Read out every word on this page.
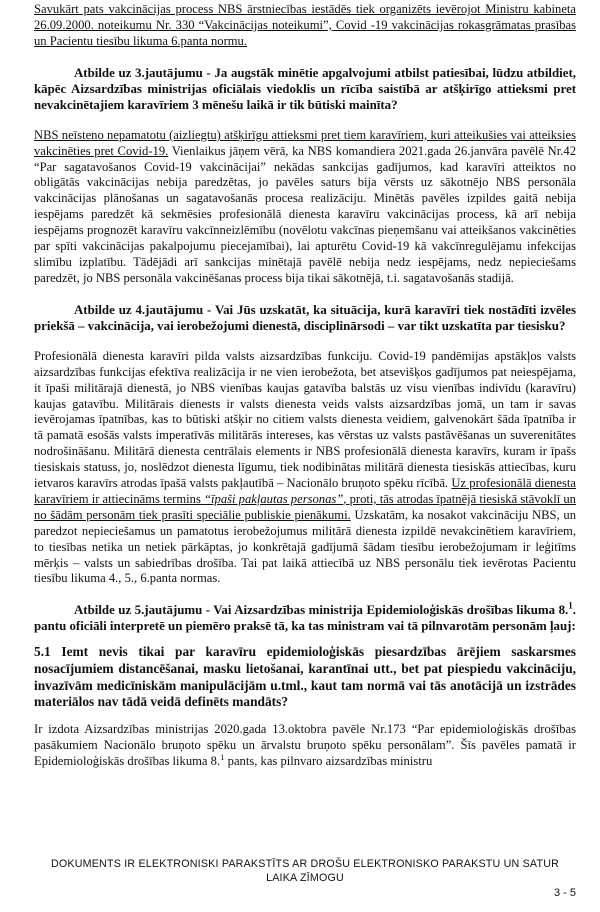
Savukārt pats vakcinācijas process NBS ārstniecības iestādēs tiek organizēts ievērojot Ministru kabineta 26.09.2000. noteikumu Nr. 330 “Vakcinācijas noteikumi”, Covid -19 vakcinācijas rokasgrāmatas prasības un Pacientu tiesību likuma 6.panta normu.

Atbilde uz 3.jautājumu - Ja augstāk minētie apgalvojumi atbilst patiesībai, lūdzu atbildiet, kāpēc Aizsardzības ministrijas oficiālais viedoklis un rīcība saistībā ar atšķirīgo attieksmi pret nevakcinētajiem karavīriem 3 mēnešu laikā ir tik būtiski mainīta?

NBS neīsteno nepamatotu (aizliegtu) atšķirīgu attieksmi pret tiem karavīriem, kuri atteikušies vai atteiksies vakcinēties pret Covid-19. Vienlaikus jāņem vērā, ka NBS komandiera 2021.gada 26.janvāra pavēlē Nr.42 “Par sagatavošanos Covid-19 vakcinācijai” nekādas sankcijas gadījumos, kad karavīri atteiktos no obligātās vakcinācijas nebija paredzētas, jo pavēles saturs bija vērsts uz sākotnējo NBS personāla vakcinācijas plānošanas un sagatavošanās procesa realizāciju. Minētās pavēles izpildes gaitā nebija iespējams paredzēt kā sekmēsies profesionālā dienesta karavīru vakcinācijas process, kā arī nebija iespējams prognozēt karavīru vakcīnneizlēmību (novēlotu vakcīnas pieņemšanu vai atteikšanos vakcinēties par spīti vakcinācijas pakalpojumu piecejamībai), lai apturētu Covid-19 kā vakcīnregulējamu infekcijas slimību izplatību. Tādējādi arī sankcijas minētajā pavēlē nebija nedz iespējams, nedz nepieciešams paredzēt, jo NBS personāla vakcinēšanas process bija tikai sākotnējā, t.i. sagatavošanās stadijā.

Atbilde uz 4.jautājumu - Vai Jūs uzskatāt, ka situācija, kurā karavīri tiek nostādīti izvēles priekšā – vakcinācija, vai ierobežojumi dienestā, disciplinārsodi – var tikt uzskatīta par tiesisku?

Profesionālā dienesta karavīri pilda valsts aizsardzības funkciju. Covid-19 pandēmijas apstākļos valsts aizsardzības funkcijas efektīva realizācija ir ne vien ierobežota, bet atsevišķos gadījumos pat neiespējama, it īpaši militārajā dienestā, jo NBS vienības kaujas gatavība balstās uz visu vienības indivīdu (karavīru) kaujas gatavību. Militārais dienests ir valsts dienesta veids valsts aizsardzības jomā, un tam ir savas ievērojamas īpatnības, kas to būtiski atšķir no citiem valsts dienesta veidiem, galvenokārt šāda īpatnība ir tā pamatā esošās valsts imperatīvās militārās intereses, kas vērstas uz valsts pastāvēšanas un suverenitātes nodrošināšanu. Militārā dienesta centrālais elements ir NBS profesionālā dienesta karavīrs, kuram ir īpašs tiesiskais statuss, jo, noslēdzot dienesta līgumu, tiek nodibinātas militārā dienesta tiesiskās attiecības, kuru ietvaros karavīrs atrodas īpašā valsts pakļautībā – Nacionālo bruņoto spēku rīcībā. Uz profesionālā dienesta karavīriem ir attiecināms termins “īpaši pakļautas personas”, proti, tās atrodas īpatnējā tiesiskā stāvoklī un no šādām personām tiek prasīti speciālie publiskie pienākumi. Uzskatām, ka nosakot vakcināciju NBS, un paredzot nepieciešamus un pamatotus ierobežojumus militārā dienesta izpildē nevakcinētiem karavīriem, to tiesības netika un netiek pārkāptas, jo konkrētajā gadījumā šādam tiesību ierobežojumam ir leģitīms mērķis – valsts un sabiedrības drošība. Tai pat laikā attiecībā uz NBS personālu tiek ievērotas Pacientu tiesību likuma 4., 5., 6.panta normas.

Atbilde uz 5.jautājumu - Vai Aizsardzības ministrija Epidemioloģiskās drošības likuma 8.$^1$. pantu oficiāli interpretē un piemēro praksē tā, ka tas ministram vai tā pilnvarotām personām ļauj:

5.1 Iemt nevis tikai par karavīru epidemioloģiskās piesardzības ārējiem saskarsmes nosacījumiem distancēšanai, masku lietošanai, karantīnai utt., bet pat piespiedu vakcināciju, invazīvām medicīniskām manipulācijām u.tml., kaut tam normā vai tās anotācijā un izstrādes materiālos nav tādā veidā definēts mandāts?

Ir izdota Aizsardzības ministrijas 2020.gada 13.oktobra pavēle Nr.173 “Par epidemioloģiskās drošības pasākumiem Nacionālo bruņoto spēku un ārvalstu bruņoto spēku personālam”. Šīs pavēles pamatā ir Epidemioloģiskās drošības likuma 8.$^1$ pants, kas pilnvaro aizsardzības ministru

DOKUMENTS IR ELEKTRONISKI PARAKSTĪTS AR DROŠU ELEKTRONISKO PARAKSTU UN SATUR
LAIKA ZĪMOGU
3 - 5
